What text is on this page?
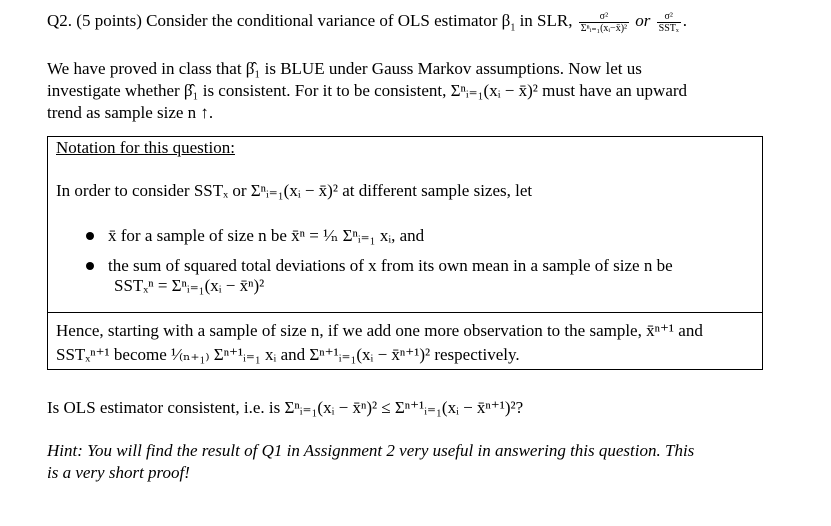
Q2. (5 points) Consider the conditional variance of OLS estimator $\beta_1$ in SLR, $\frac{\text{σ²}}{\text{Σⁿᵢ₌₁(xᵢ−x̄)²}}$ or $\frac{\text{σ²}}{\text{SSTₓ}}$ .
We have proved in class that β̂₁ is BLUE under Gauss Markov assumptions. Now let us
investigate whether β̂₁ is consistent. For it to be consistent, Σⁿᵢ₌₁(xᵢ − x̄)² must have an upward
trend as sample size n ↑.
Notation for this question:
In order to consider SSTₓ or Σⁿᵢ₌₁(xᵢ − x̄)² at different sample sizes, let
x̄ for a sample of size n be x̄ⁿ = ¹⁄ₙ Σⁿᵢ₌₁ xᵢ, and
the sum of squared total deviations of x from its own mean in a sample of size n be
SSTₓⁿ = Σⁿᵢ₌₁(xᵢ − x̄ⁿ)²
Hence, starting with a sample of size n, if we add one more observation to the sample, x̄ⁿ⁺¹ and
SSTₓⁿ⁺¹ become ¹⁄₍ₙ₊₁₎ Σⁿ⁺¹ᵢ₌₁ xᵢ and Σⁿ⁺¹ᵢ₌₁(xᵢ − x̄ⁿ⁺¹)² respectively.
Is OLS estimator consistent, i.e. is Σⁿᵢ₌₁(xᵢ − x̄ⁿ)² ≤ Σⁿ⁺¹ᵢ₌₁(xᵢ − x̄ⁿ⁺¹)²?
Hint: You will find the result of Q1 in Assignment 2 very useful in answering this question. This
is a very short proof!
